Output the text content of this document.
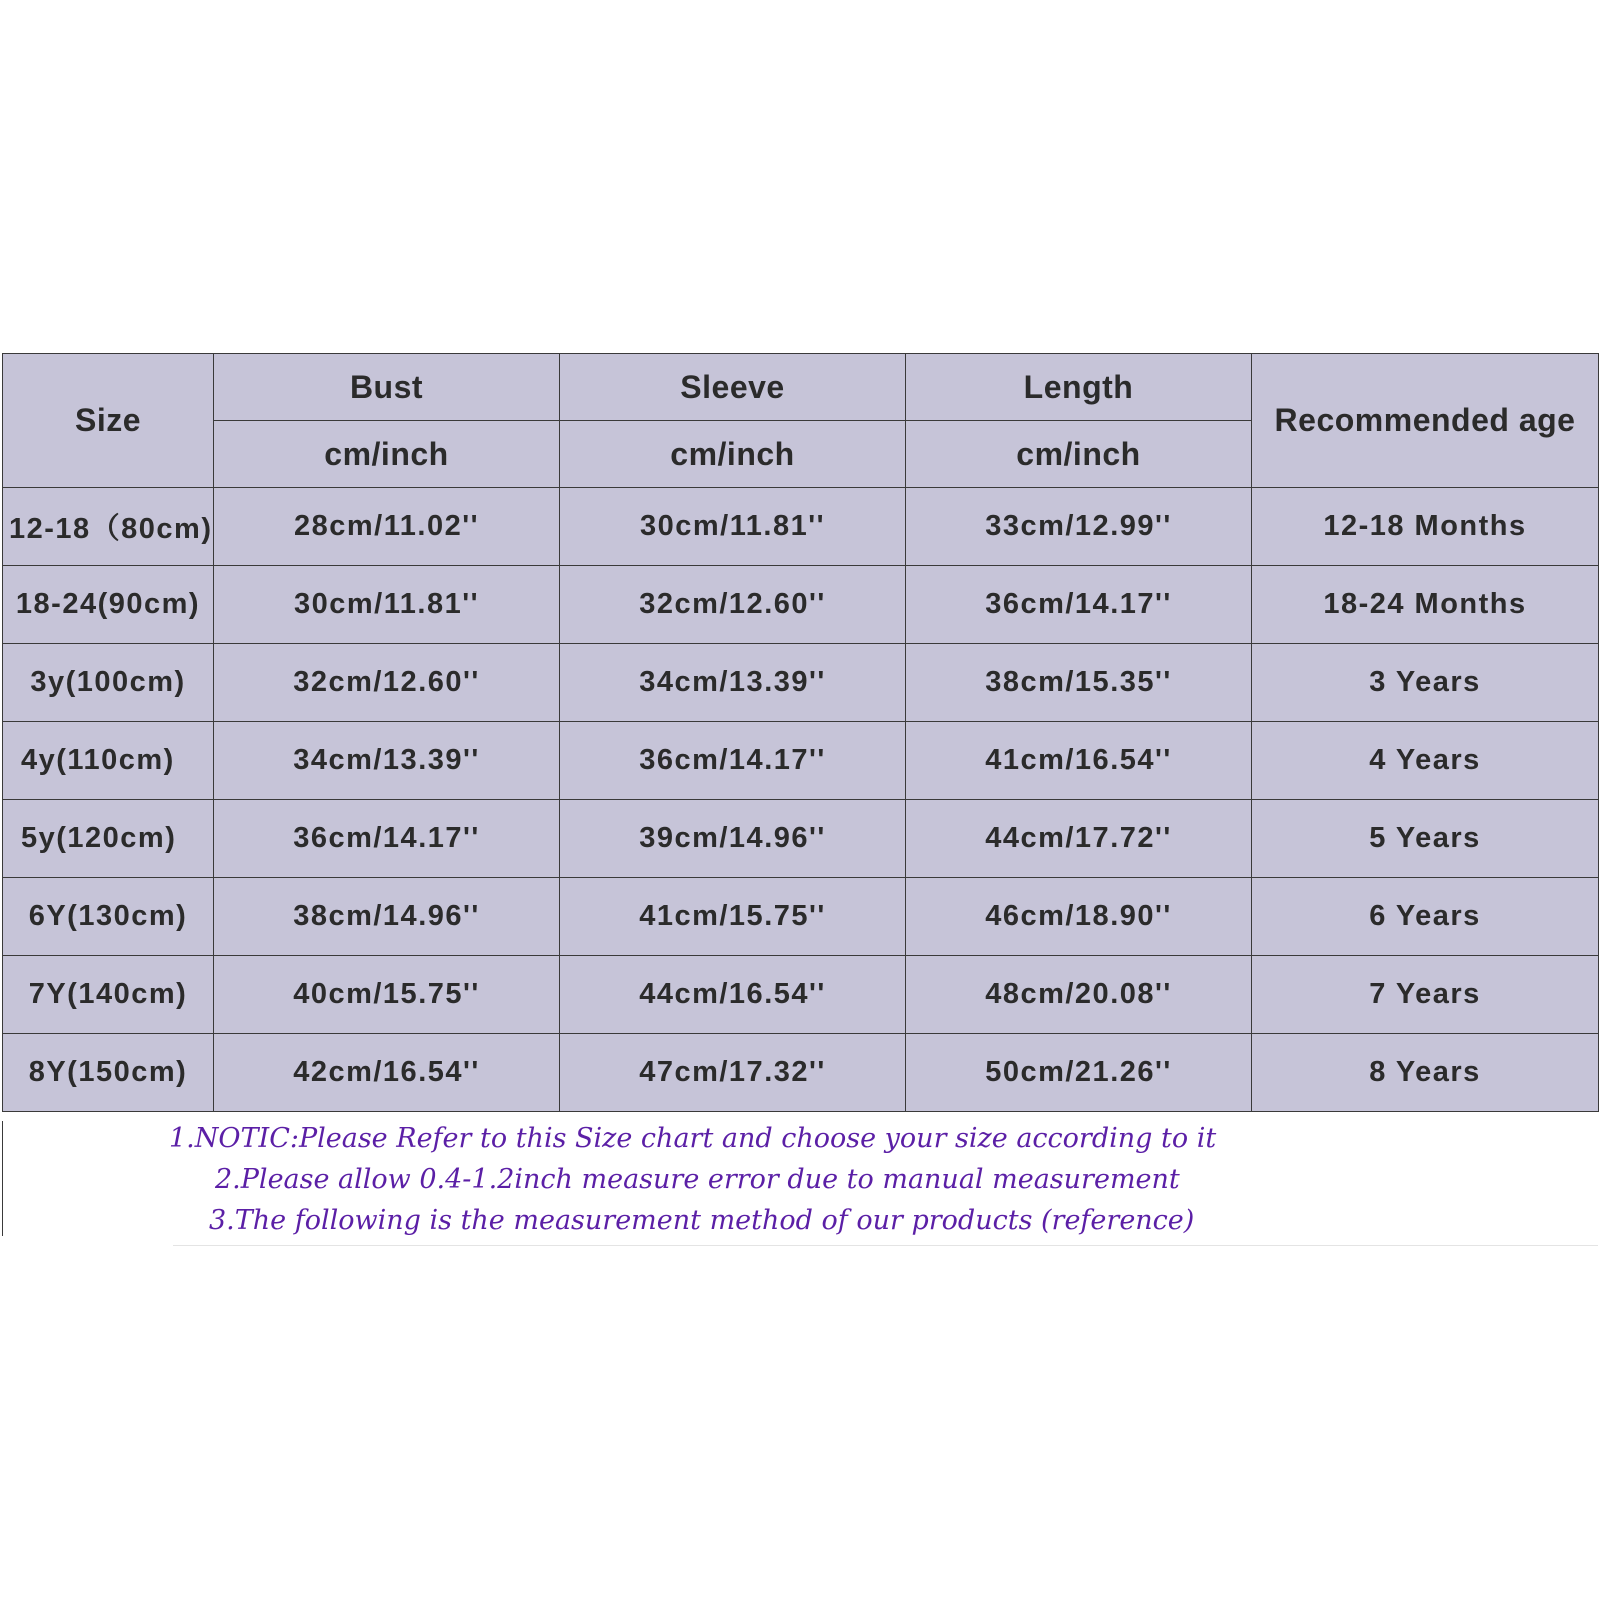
Size	Bust	Sleeve	Length	Recommended age
	cm/inch	cm/inch	cm/inch	
12-18（80cm)	28cm/11.02''	30cm/11.81''	33cm/12.99''	12-18 Months
18-24(90cm)	30cm/11.81''	32cm/12.60''	36cm/14.17''	18-24 Months
3y(100cm)	32cm/12.60''	34cm/13.39''	38cm/15.35''	3 Years
4y(110cm)	34cm/13.39''	36cm/14.17''	41cm/16.54''	4 Years
5y(120cm)	36cm/14.17''	39cm/14.96''	44cm/17.72''	5 Years
6Y(130cm)	38cm/14.96''	41cm/15.75''	46cm/18.90''	6 Years
7Y(140cm)	40cm/15.75''	44cm/16.54''	48cm/20.08''	7 Years
8Y(150cm)	42cm/16.54''	47cm/17.32''	50cm/21.26''	8 Years
1.NOTIC:Please Refer to this Size chart and choose your size according to it
2.Please allow 0.4-1.2inch measure error due to manual measurement
3.The following is the measurement method of our products (reference)
